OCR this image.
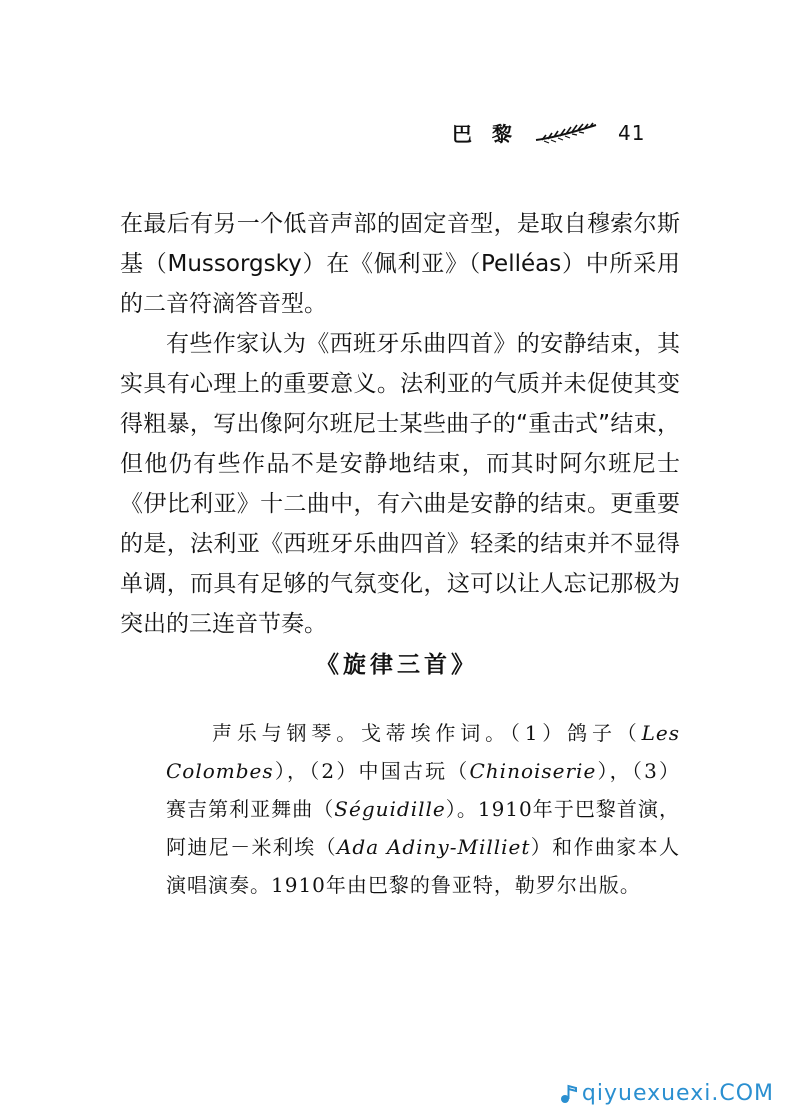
巴黎	41

在最后有另一个低音声部的固定音型，是取自穆索尔斯基（Mussorgsky）在《佩利亚》（Pelléas）中所采用的二音符滴答音型。

有些作家认为《西班牙乐曲四首》的安静结束，其实具有心理上的重要意义。法利亚的气质并未促使其变得粗暴，写出像阿尔班尼士某些曲子的“重击式”结束，但他仍有些作品不是安静地结束，而其时阿尔班尼士《伊比利亚》十二曲中，有六曲是安静的结束。更重要的是，法利亚《西班牙乐曲四首》轻柔的结束并不显得单调，而具有足够的气氛变化，这可以让人忘记那极为突出的三连音节奏。

《旋律三首》

声乐与钢琴。戈蒂埃作词。（1）鸽子（Les Colombes），（2）中国古玩（Chinoiserie），（3）赛吉第利亚舞曲（Séguidille）。1910年于巴黎首演，阿迪尼－米利埃（Ada Adiny-Milliet）和作曲家本人演唱演奏。1910年由巴黎的鲁亚特，勒罗尔出版。

qiyuexuexi.COM
